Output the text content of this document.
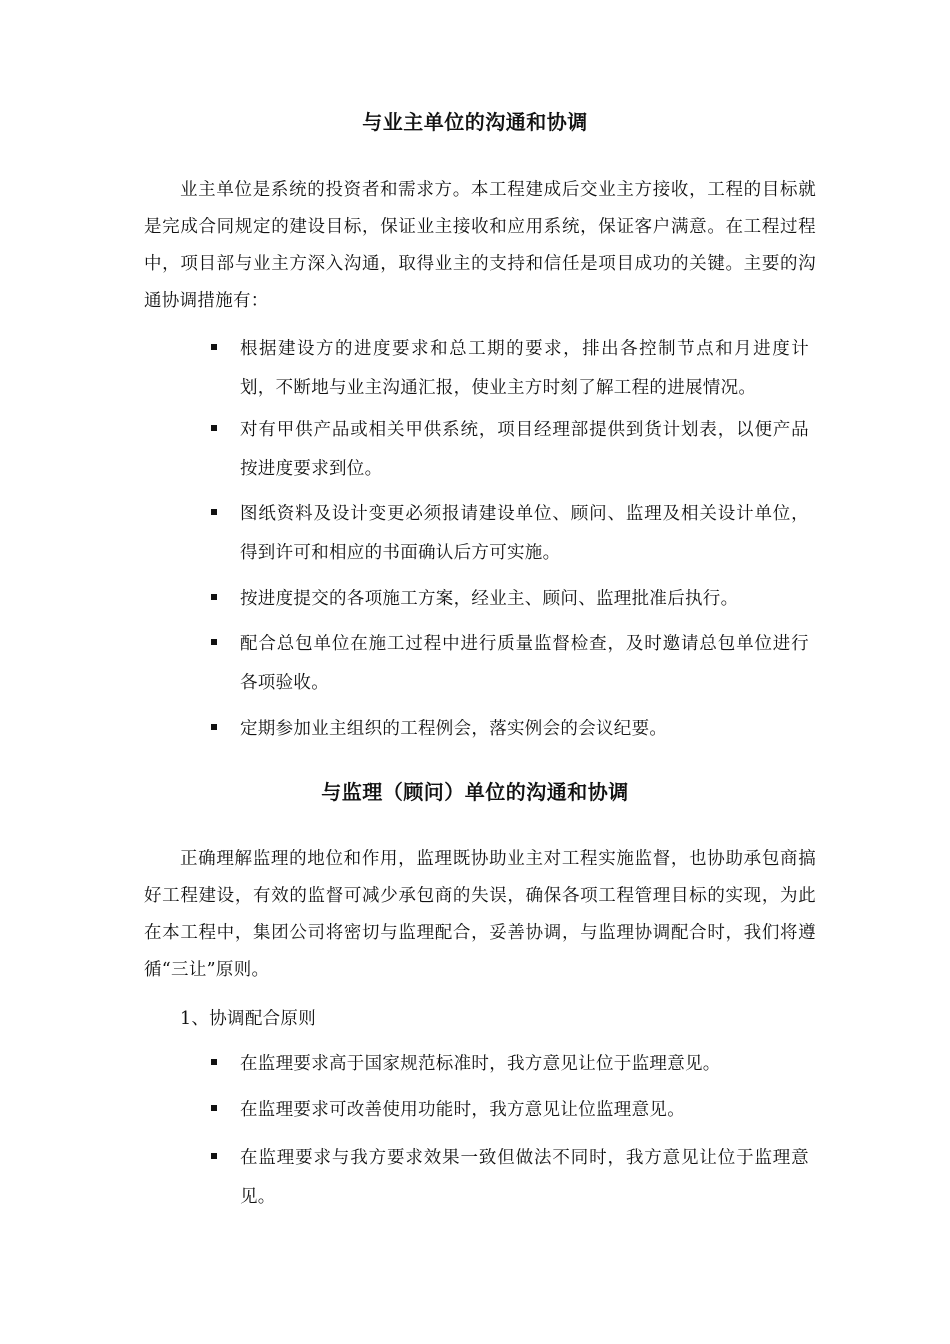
与业主单位的沟通和协调
业主单位是系统的投资者和需求方。本工程建成后交业主方接收，工程的目标就是完成合同规定的建设目标，保证业主接收和应用系统，保证客户满意。在工程过程中，项目部与业主方深入沟通，取得业主的支持和信任是项目成功的关键。主要的沟通协调措施有：
根据建设方的进度要求和总工期的要求，排出各控制节点和月进度计划，不断地与业主沟通汇报，使业主方时刻了解工程的进展情况。
对有甲供产品或相关甲供系统，项目经理部提供到货计划表，以便产品按进度要求到位。
图纸资料及设计变更必须报请建设单位、顾问、监理及相关设计单位，得到许可和相应的书面确认后方可实施。
按进度提交的各项施工方案，经业主、顾问、监理批准后执行。
配合总包单位在施工过程中进行质量监督检查，及时邀请总包单位进行各项验收。
定期参加业主组织的工程例会，落实例会的会议纪要。
与监理（顾问）单位的沟通和协调
正确理解监理的地位和作用，监理既协助业主对工程实施监督，也协助承包商搞好工程建设，有效的监督可减少承包商的失误，确保各项工程管理目标的实现，为此在本工程中，集团公司将密切与监理配合，妥善协调，与监理协调配合时，我们将遵循“三让”原则。
1、协调配合原则
在监理要求高于国家规范标准时，我方意见让位于监理意见。
在监理要求可改善使用功能时，我方意见让位监理意见。
在监理要求与我方要求效果一致但做法不同时，我方意见让位于监理意见。
